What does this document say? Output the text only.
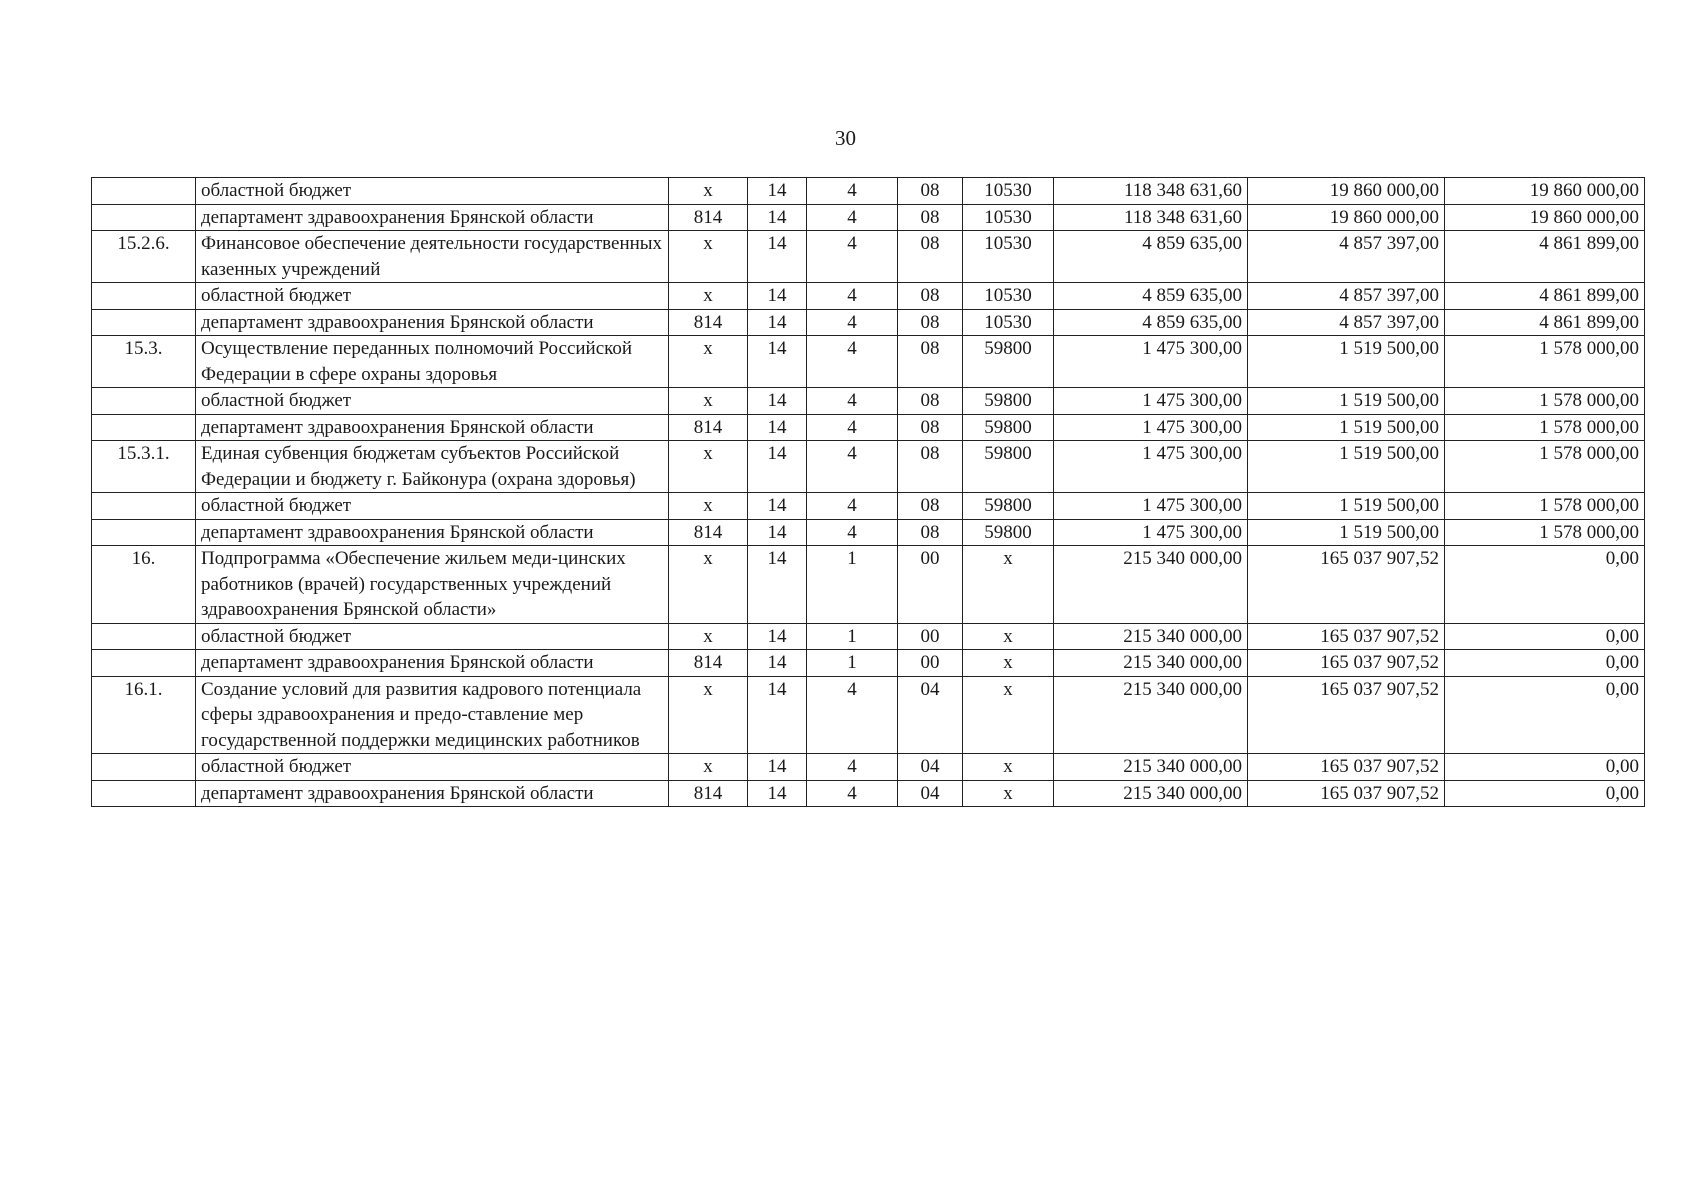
30
	областной бюджет	х	14	4	08	10530	118 348 631,60	19 860 000,00	19 860 000,00
	департамент здравоохранения Брянской области	814	14	4	08	10530	118 348 631,60	19 860 000,00	19 860 000,00
15.2.6.	Финансовое обеспечение деятельности государственных казенных учреждений	х	14	4	08	10530	4 859 635,00	4 857 397,00	4 861 899,00
	областной бюджет	х	14	4	08	10530	4 859 635,00	4 857 397,00	4 861 899,00
	департамент здравоохранения Брянской области	814	14	4	08	10530	4 859 635,00	4 857 397,00	4 861 899,00
15.3.	Осуществление переданных полномочий Российской Федерации в сфере охраны здоровья	х	14	4	08	59800	1 475 300,00	1 519 500,00	1 578 000,00
	областной бюджет	х	14	4	08	59800	1 475 300,00	1 519 500,00	1 578 000,00
	департамент здравоохранения Брянской области	814	14	4	08	59800	1 475 300,00	1 519 500,00	1 578 000,00
15.3.1.	Единая субвенция бюджетам субъектов Российской Федерации и бюджету г. Байконура (охрана здоровья)	х	14	4	08	59800	1 475 300,00	1 519 500,00	1 578 000,00
	областной бюджет	х	14	4	08	59800	1 475 300,00	1 519 500,00	1 578 000,00
	департамент здравоохранения Брянской области	814	14	4	08	59800	1 475 300,00	1 519 500,00	1 578 000,00
16.	Подпрограмма «Обеспечение жильем меди-цинских работников (врачей) государственных учреждений здравоохранения Брянской области»	х	14	1	00	х	215 340 000,00	165 037 907,52	0,00
	областной бюджет	х	14	1	00	х	215 340 000,00	165 037 907,52	0,00
	департамент здравоохранения Брянской области	814	14	1	00	х	215 340 000,00	165 037 907,52	0,00
16.1.	Создание условий для развития кадрового потенциала сферы здравоохранения и предо-ставление мер государственной поддержки медицинских работников	х	14	4	04	х	215 340 000,00	165 037 907,52	0,00
	областной бюджет	х	14	4	04	х	215 340 000,00	165 037 907,52	0,00
	департамент здравоохранения Брянской области	814	14	4	04	х	215 340 000,00	165 037 907,52	0,00
